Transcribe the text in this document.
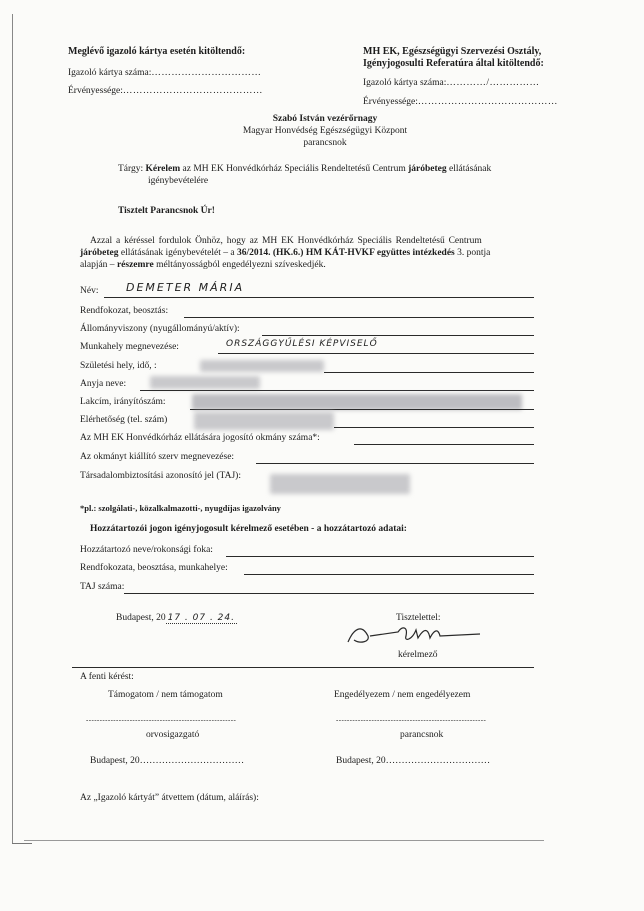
Meglévő igazoló kártya esetén kitöltendő:
Igazoló kártya száma:……………………………
Érvényessége:……………………………………
MH EK, Egészségügyi Szervezési Osztály,
Igényjogosulti Referatúra által kitöltendő:
Igazoló kártya száma:…………/……………
Érvényessége:……………………………………
Szabó István vezérőrnagy
Magyar Honvédség Egészségügyi Központ
parancsnok
Tárgy: Kérelem az MH EK Honvédkórház Speciális Rendeltetésű Centrum járóbeteg ellátásának
igénybevételére
Tisztelt Parancsnok Úr!
Azzal a kéréssel fordulok Önhöz, hogy az MH EK Honvédkórház Speciális Rendeltetésű Centrum
járóbeteg ellátásának igénybevételét – a 36/2014. (HK.6.) HM KÁT-HVKF együttes intézkedés 3. pontja
alapján – részemre méltányosságból engedélyezni szíveskedjék.
Név:	DEMETER MÁRIA
Rendfokozat, beosztás:
Állományviszony (nyugállományú/aktív):
Munkahely megnevezése:	ORSZÁGGYŰLÉSI KÉPVISELŐ
Születési hely, idő, :
Anyja neve:
Lakcím, irányítószám:
Elérhetőség (tel. szám)
Az MH EK Honvédkórház ellátására jogosító okmány száma*:
Az okmányt kiállító szerv megnevezése:
Társadalombiztosítási azonosító jel (TAJ):
*pl.: szolgálati-, közalkalmazotti-, nyugdíjas igazolvány
Hozzátartozói jogon igényjogosult kérelmező esetében - a hozzátartozó adatai:
Hozzátartozó neve/rokonsági foka:
Rendfokozata, beosztása, munkahelye:
TAJ száma:
Budapest, 20 17 . 07 . 24.	Tisztelettel:
kérelmező
A fenti kérést:
Támogatom / nem támogatom	Engedélyezem / nem engedélyezem
-------------------------------------------------------	-------------------------------------------------------
orvosigazgató	parancsnok
Budapest, 20……………………………	Budapest, 20……………………………
Az „Igazoló kártyát” átvettem (dátum, aláírás):
